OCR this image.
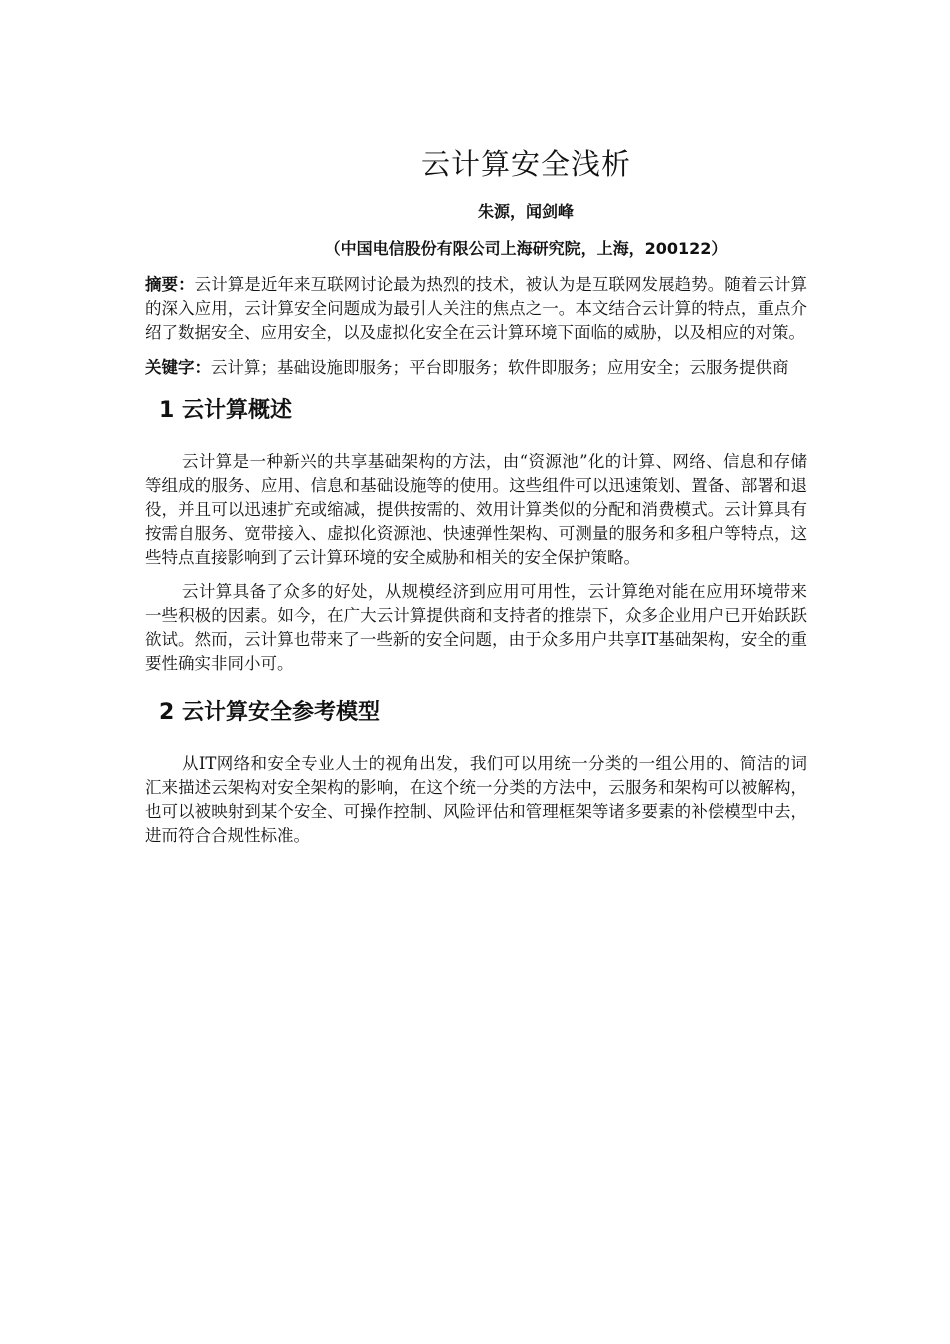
云计算安全浅析
朱源，闻剑峰
（中国电信股份有限公司上海研究院，上海，200122）

摘要：云计算是近年来互联网讨论最为热烈的技术，被认为是互联网发展趋势。随着云计算的深入应用，云计算安全问题成为最引人关注的焦点之一。本文结合云计算的特点，重点介绍了数据安全、应用安全，以及虚拟化安全在云计算环境下面临的威胁，以及相应的对策。

关键字：云计算；基础设施即服务；平台即服务；软件即服务；应用安全；云服务提供商

1 云计算概述

云计算是一种新兴的共享基础架构的方法，由“资源池”化的计算、网络、信息和存储等组成的服务、应用、信息和基础设施等的使用。这些组件可以迅速策划、置备、部署和退役，并且可以迅速扩充或缩减，提供按需的、效用计算类似的分配和消费模式。云计算具有按需自服务、宽带接入、虚拟化资源池、快速弹性架构、可测量的服务和多租户等特点，这些特点直接影响到了云计算环境的安全威胁和相关的安全保护策略。

云计算具备了众多的好处，从规模经济到应用可用性，云计算绝对能在应用环境带来一些积极的因素。如今，在广大云计算提供商和支持者的推崇下，众多企业用户已开始跃跃欲试。然而，云计算也带来了一些新的安全问题，由于众多用户共享IT基础架构，安全的重要性确实非同小可。

2 云计算安全参考模型

从IT网络和安全专业人士的视角出发，我们可以用统一分类的一组公用的、简洁的词汇来描述云架构对安全架构的影响，在这个统一分类的方法中，云服务和架构可以被解构，也可以被映射到某个安全、可操作控制、风险评估和管理框架等诸多要素的补偿模型中去，进而符合合规性标准。
